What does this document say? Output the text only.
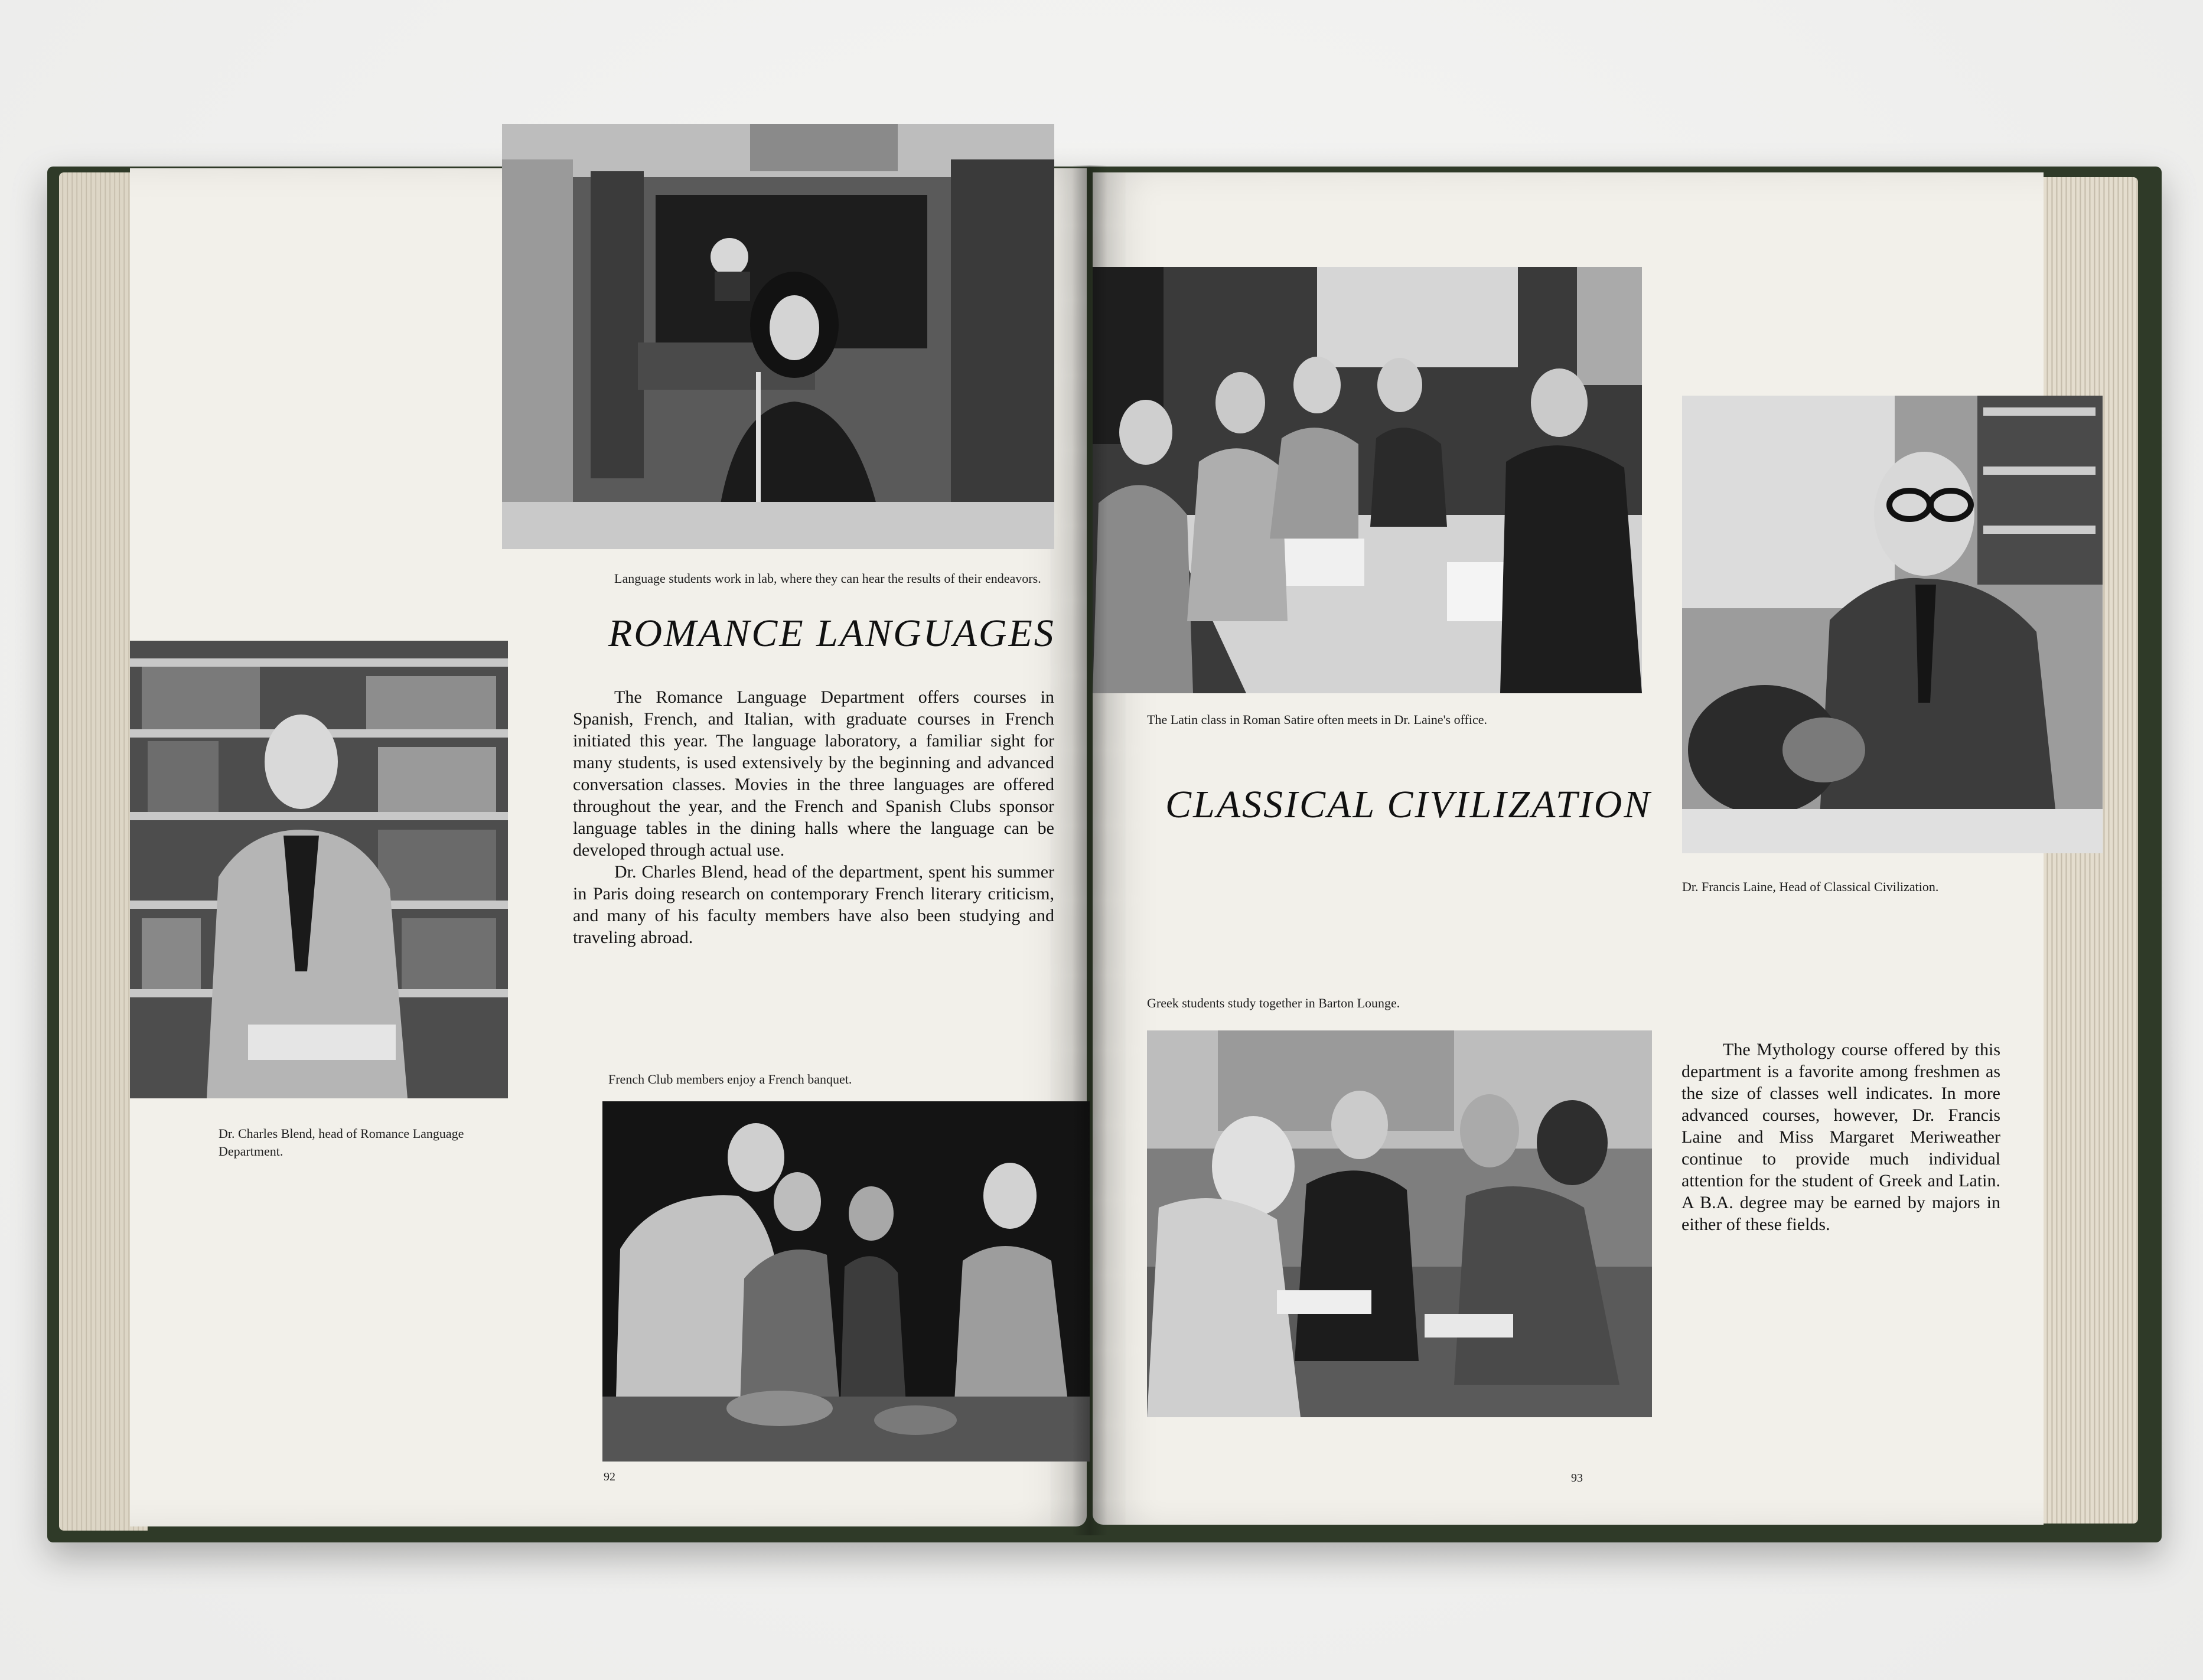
Language students work in lab, where they can hear the results of their endeavors.
ROMANCE LANGUAGES

The Romance Language Department offers courses in Spanish, French, and Italian, with graduate courses in French initiated this year. The language laboratory, a familiar sight for many students, is used extensively by the beginning and advanced conversation classes. Movies in the three languages are offered throughout the year, and the French and Spanish Clubs sponsor language tables in the dining halls where the language can be developed through actual use.

Dr. Charles Blend, head of the department, spent his summer in Paris doing research on contemporary French literary criticism, and many of his faculty members have also been studying and traveling abroad.

Dr. Charles Blend, head of Romance Language Department.
French Club members enjoy a French banquet.
92
The Latin class in Roman Satire often meets in Dr. Laine's office.
CLASSICAL CIVILIZATION
Dr. Francis Laine, Head of Classical Civilization.
Greek students study together in Barton Lounge.

The Mythology course offered by this department is a favorite among freshmen as the size of classes well indicates. In more advanced courses, however, Dr. Francis Laine and Miss Margaret Meriweather continue to provide much individual attention for the student of Greek and Latin. A B.A. degree may be earned by majors in either of these fields.

93
